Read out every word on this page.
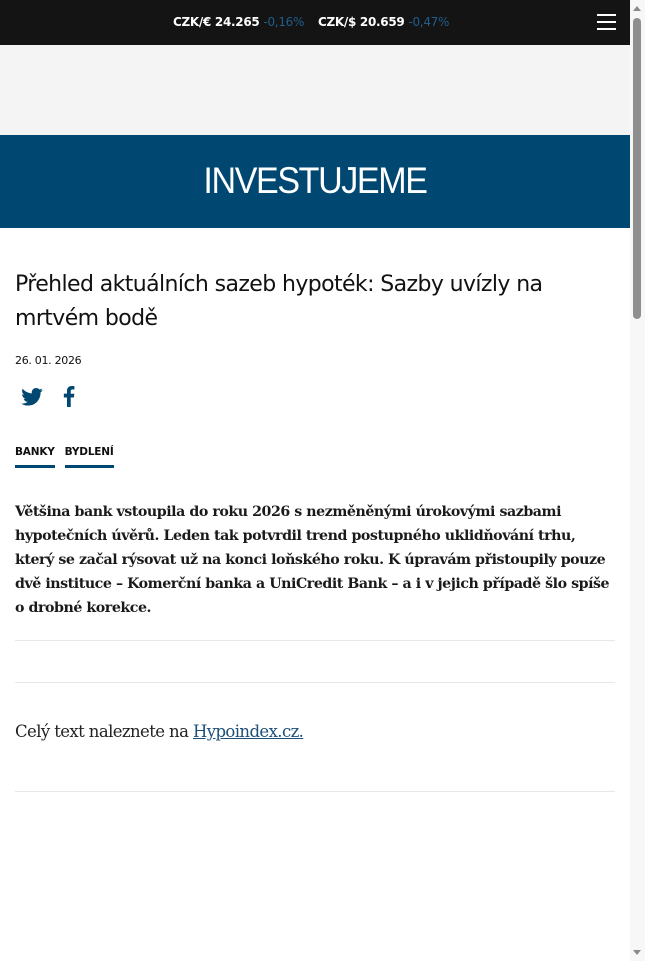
CZK/€ 24.265 -0,16% CZK/$ 20.659 -0,47%
INVESTUJEME
Přehled aktuálních sazeb hypoték: Sazby uvízly na mrtvém bodě
26. 01. 2026
BANKY BYDLENÍ

Většina bank vstoupila do roku 2026 s nezměněnými úrokovými sazbami hypotečních úvěrů. Leden tak potvrdil trend postupného uklidňování trhu, který se začal rýsovat už na konci loňského roku. K úpravám přistoupily pouze dvě instituce – Komerční banka a UniCredit Bank – a i v jejich případě šlo spíše o drobné korekce.

Celý text naleznete na Hypoindex.cz.
